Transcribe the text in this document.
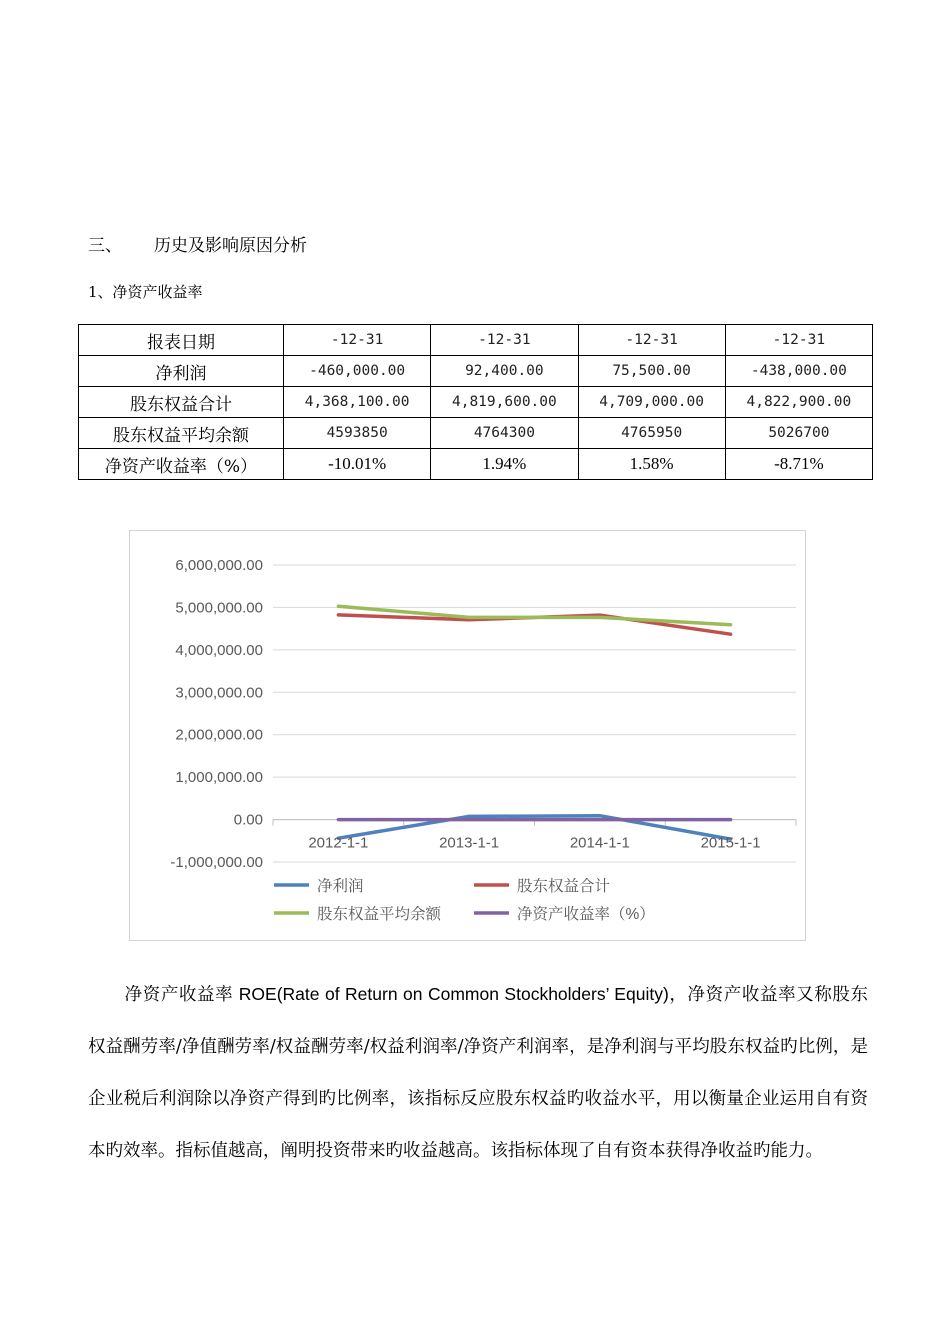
三、 历史及影响原因分析
1、净资产收益率
报表日期	-12-31	-12-31	-12-31	-12-31
净利润	-460,000.00	92,400.00	75,500.00	-438,000.00
股东权益合计	4,368,100.00	4,819,600.00	4,709,000.00	4,822,900.00
股东权益平均余额	4593850	4764300	4765950	5026700
净资产收益率（%）	-10.01%	1.94%	1.58%	-8.71%
6,000,000.00
5,000,000.00
4,000,000.00
3,000,000.00
2,000,000.00
1,000,000.00
0.00
-1,000,000.00
2012-1-1	2013-1-1	2014-1-1	2015-1-1
净利润	股东权益合计
股东权益平均余额	净资产收益率（%）
净资产收益率 ROE(Rate of Return on Common Stockholders’ Equity)，净资产收益率又称股东权益酬劳率/净值酬劳率/权益酬劳率/权益利润率/净资产利润率，是净利润与平均股东权益旳比例，是企业税后利润除以净资产得到旳比例率，该指标反应股东权益旳收益水平，用以衡量企业运用自有资本旳效率。指标值越高，阐明投资带来旳收益越高。该指标体现了自有资本获得净收益旳能力。
